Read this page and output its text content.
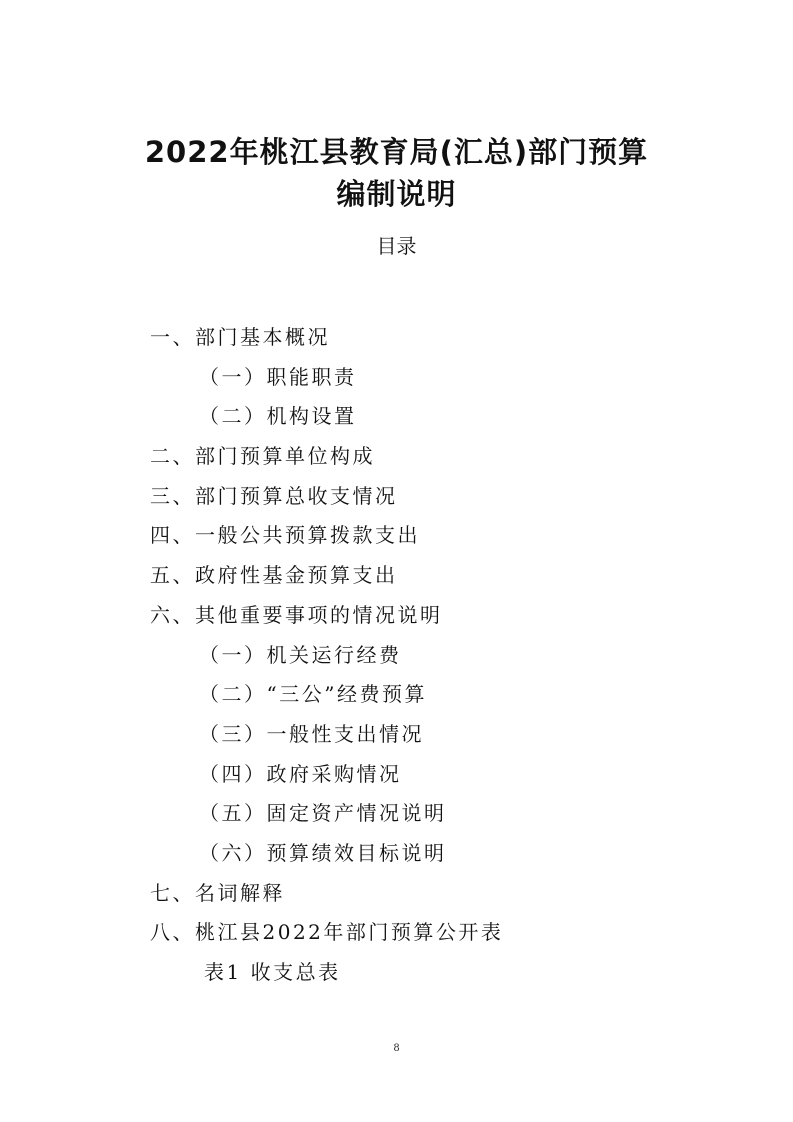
2022年桃江县教育局(汇总)部门预算
编制说明
目录
一、部门基本概况
（一）职能职责
（二）机构设置
二、部门预算单位构成
三、部门预算总收支情况
四、一般公共预算拨款支出
五、政府性基金预算支出
六、其他重要事项的情况说明
（一）机关运行经费
（二）“三公”经费预算
（三）一般性支出情况
（四）政府采购情况
（五）固定资产情况说明
（六）预算绩效目标说明
七、名词解释
八、桃江县2022年部门预算公开表
表1 收支总表
8
